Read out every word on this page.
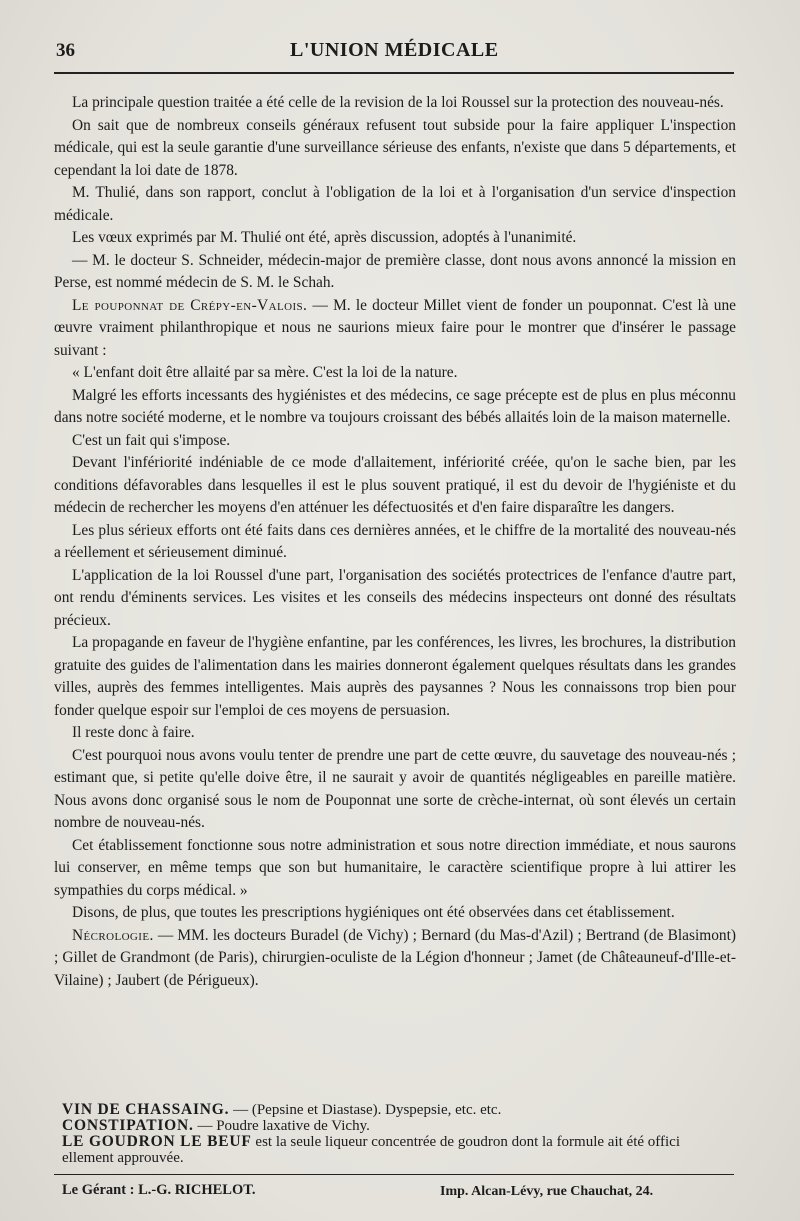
36	L'UNION MÉDICALE

La principale question traitée a été celle de la revision de la loi Roussel sur la protection des nouveau-nés.

On sait que de nombreux conseils généraux refusent tout subside pour la faire appliquer L'inspection médicale, qui est la seule garantie d'une surveillance sérieuse des enfants, n'existe que dans 5 départements, et cependant la loi date de 1878.

M. Thulié, dans son rapport, conclut à l'obligation de la loi et à l'organisation d'un service d'inspection médicale.

Les vœux exprimés par M. Thulié ont été, après discussion, adoptés à l'unanimité.

— M. le docteur S. Schneider, médecin-major de première classe, dont nous avons annoncé la mission en Perse, est nommé médecin de S. M. le Schah.

Le pouponnat de Crépy-en-Valois. — M. le docteur Millet vient de fonder un pouponnat. C'est là une œuvre vraiment philanthropique et nous ne saurions mieux faire pour le montrer que d'insérer le passage suivant :

« L'enfant doit être allaité par sa mère. C'est la loi de la nature.

Malgré les efforts incessants des hygiénistes et des médecins, ce sage précepte est de plus en plus méconnu dans notre société moderne, et le nombre va toujours croissant des bébés allaités loin de la maison maternelle.

C'est un fait qui s'impose.

Devant l'infériorité indéniable de ce mode d'allaitement, infériorité créée, qu'on le sache bien, par les conditions défavorables dans lesquelles il est le plus souvent pratiqué, il est du devoir de l'hygiéniste et du médecin de rechercher les moyens d'en atténuer les défectuosités et d'en faire disparaître les dangers.

Les plus sérieux efforts ont été faits dans ces dernières années, et le chiffre de la mortalité des nouveau-nés a réellement et sérieusement diminué.

L'application de la loi Roussel d'une part, l'organisation des sociétés protectrices de l'enfance d'autre part, ont rendu d'éminents services. Les visites et les conseils des médecins inspecteurs ont donné des résultats précieux.

La propagande en faveur de l'hygiène enfantine, par les conférences, les livres, les brochures, la distribution gratuite des guides de l'alimentation dans les mairies donneront également quelques résultats dans les grandes villes, auprès des femmes intelligentes. Mais auprès des paysannes ? Nous les connaissons trop bien pour fonder quelque espoir sur l'emploi de ces moyens de persuasion.

Il reste donc à faire.

C'est pourquoi nous avons voulu tenter de prendre une part de cette œuvre, du sauvetage des nouveau-nés ; estimant que, si petite qu'elle doive être, il ne saurait y avoir de quantités négligeables en pareille matière. Nous avons donc organisé sous le nom de Pouponnat une sorte de crèche-internat, où sont élevés un certain nombre de nouveau-nés.

Cet établissement fonctionne sous notre administration et sous notre direction immédiate, et nous saurons lui conserver, en même temps que son but humanitaire, le caractère scientifique propre à lui attirer les sympathies du corps médical. »

Disons, de plus, que toutes les prescriptions hygiéniques ont été observées dans cet établissement.

Nécrologie. — MM. les docteurs Buradel (de Vichy) ; Bernard (du Mas-d'Azil) ; Bertrand (de Blasimont) ; Gillet de Grandmont (de Paris), chirurgien-oculiste de la Légion d'honneur ; Jamet (de Châteauneuf-d'Ille-et-Vilaine) ; Jaubert (de Périgueux).

VIN DE CHASSAING. — (Pepsine et Diastase). Dyspepsie, etc. etc.

CONSTIPATION. — Poudre laxative de Vichy.

LE GOUDRON LE BEUF est la seule liqueur concentrée de goudron dont la formule ait été offici ellement approuvée.

Le Gérant : L.-G. RICHELOT.	Imp. Alcan-Lévy, rue Chauchat, 24.
